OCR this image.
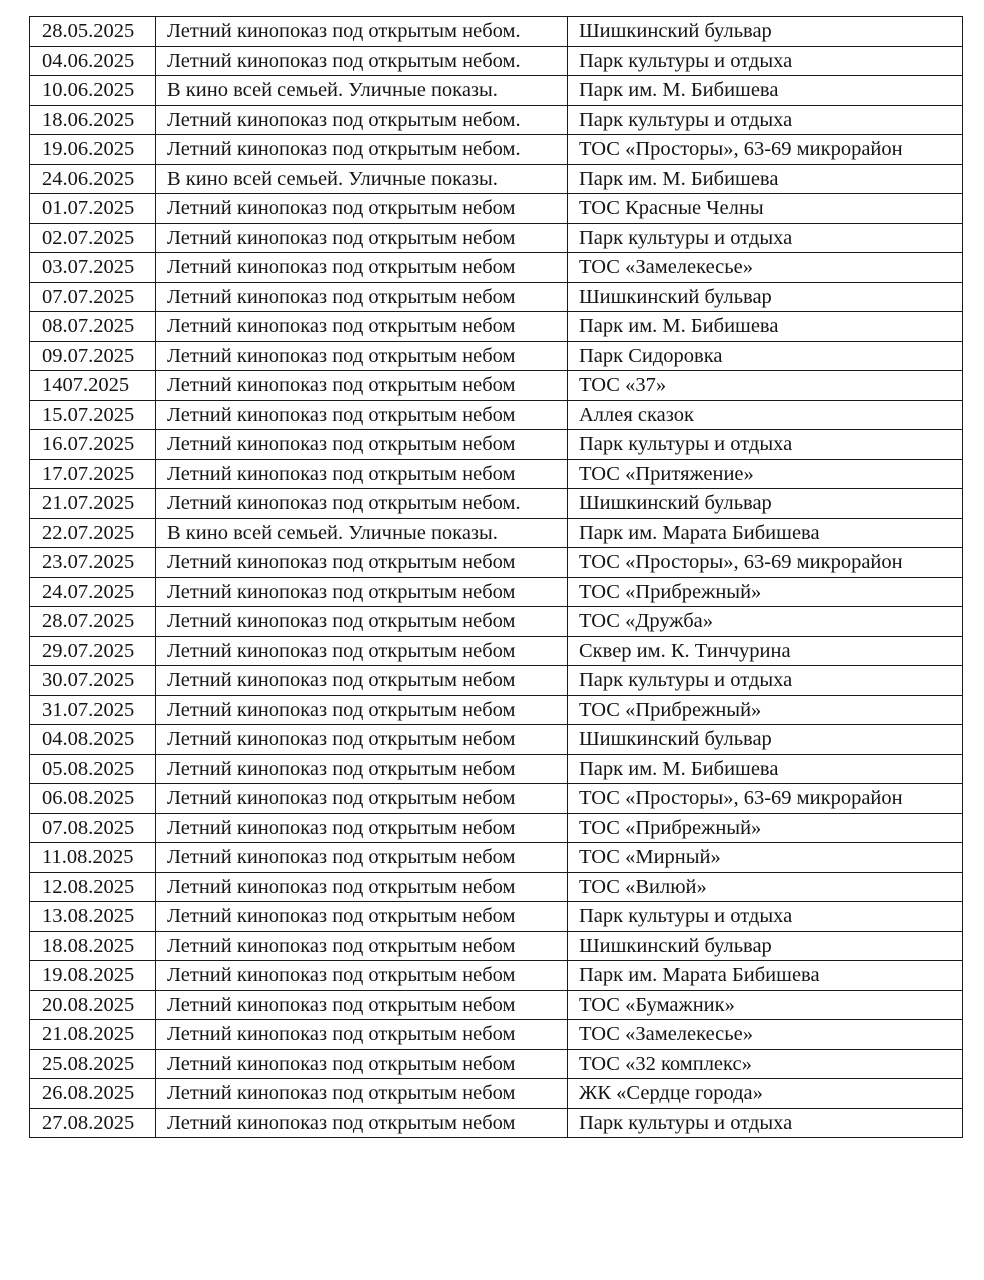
28.05.2025	Летний кинопоказ под открытым небом.	Шишкинский бульвар
04.06.2025	Летний кинопоказ под открытым небом.	Парк культуры и отдыха
10.06.2025	В кино всей семьей. Уличные показы.	Парк им. М. Бибишева
18.06.2025	Летний кинопоказ под открытым небом.	Парк культуры и отдыха
19.06.2025	Летний кинопоказ под открытым небом.	ТОС «Просторы», 63-69 микрорайон
24.06.2025	В кино всей семьей. Уличные показы.	Парк им. М. Бибишева
01.07.2025	Летний кинопоказ под открытым небом	ТОС Красные Челны
02.07.2025	Летний кинопоказ под открытым небом	Парк культуры и отдыха
03.07.2025	Летний кинопоказ под открытым небом	ТОС «Замелекесье»
07.07.2025	Летний кинопоказ под открытым небом	Шишкинский бульвар
08.07.2025	Летний кинопоказ под открытым небом	Парк им. М. Бибишева
09.07.2025	Летний кинопоказ под открытым небом	Парк Сидоровка
1407.2025	Летний кинопоказ под открытым небом	ТОС «37»
15.07.2025	Летний кинопоказ под открытым небом	Аллея сказок
16.07.2025	Летний кинопоказ под открытым небом	Парк культуры и отдыха
17.07.2025	Летний кинопоказ под открытым небом	ТОС «Притяжение»
21.07.2025	Летний кинопоказ под открытым небом.	Шишкинский бульвар
22.07.2025	В кино всей семьей. Уличные показы.	Парк им. Марата Бибишева
23.07.2025	Летний кинопоказ под открытым небом	ТОС «Просторы», 63-69 микрорайон
24.07.2025	Летний кинопоказ под открытым небом	ТОС «Прибрежный»
28.07.2025	Летний кинопоказ под открытым небом	ТОС «Дружба»
29.07.2025	Летний кинопоказ под открытым небом	Сквер им. К. Тинчурина
30.07.2025	Летний кинопоказ под открытым небом	Парк культуры и отдыха
31.07.2025	Летний кинопоказ под открытым небом	ТОС «Прибрежный»
04.08.2025	Летний кинопоказ под открытым небом	Шишкинский бульвар
05.08.2025	Летний кинопоказ под открытым небом	Парк им. М. Бибишева
06.08.2025	Летний кинопоказ под открытым небом	ТОС «Просторы», 63-69 микрорайон
07.08.2025	Летний кинопоказ под открытым небом	ТОС «Прибрежный»
11.08.2025	Летний кинопоказ под открытым небом	ТОС «Мирный»
12.08.2025	Летний кинопоказ под открытым небом	ТОС «Вилюй»
13.08.2025	Летний кинопоказ под открытым небом	Парк культуры и отдыха
18.08.2025	Летний кинопоказ под открытым небом	Шишкинский бульвар
19.08.2025	Летний кинопоказ под открытым небом	Парк им. Марата Бибишева
20.08.2025	Летний кинопоказ под открытым небом	ТОС «Бумажник»
21.08.2025	Летний кинопоказ под открытым небом	ТОС «Замелекесье»
25.08.2025	Летний кинопоказ под открытым небом	ТОС «32 комплекс»
26.08.2025	Летний кинопоказ под открытым небом	ЖК «Сердце города»
27.08.2025	Летний кинопоказ под открытым небом	Парк культуры и отдыха
